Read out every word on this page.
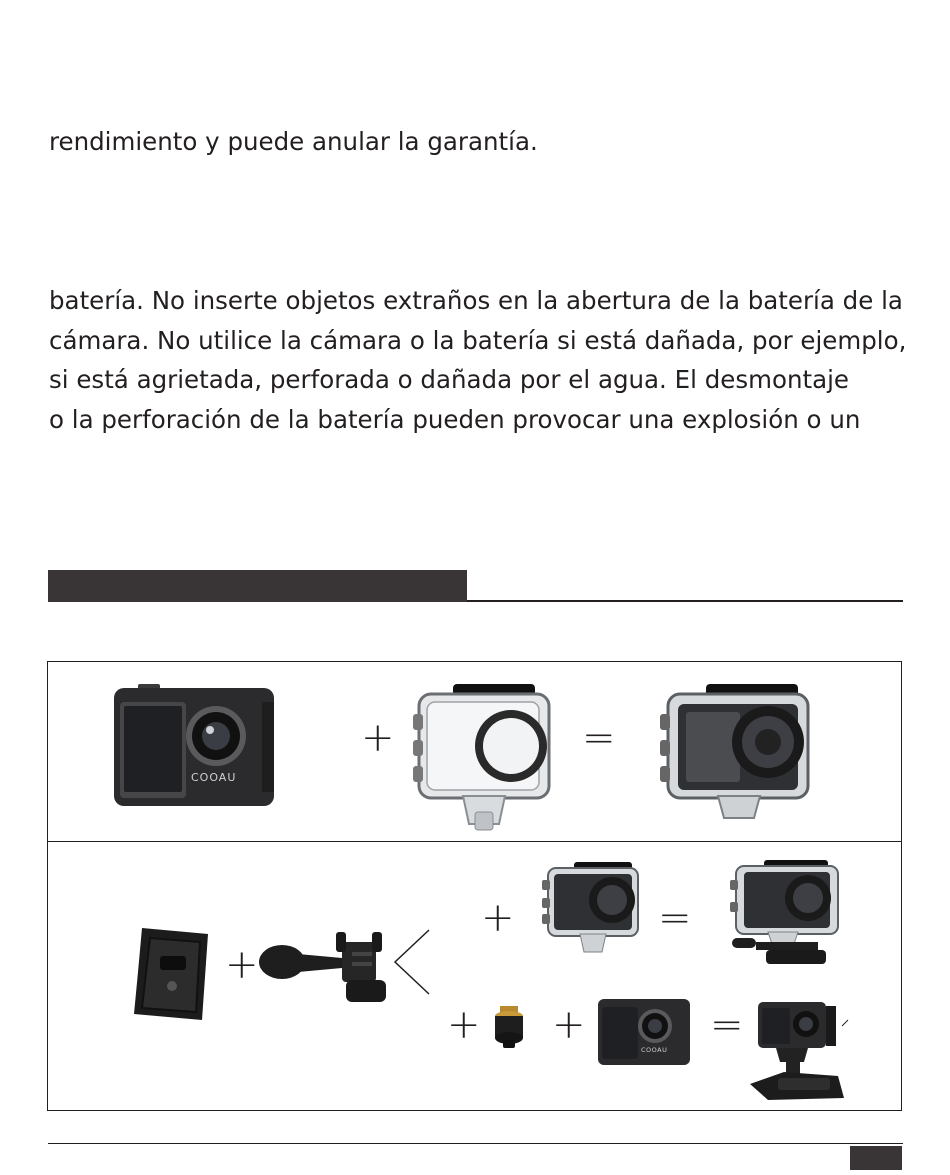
rendimiento y puede anular la garantía.

batería. No inserte objetos extraños en la abertura de la batería de la
cámara. No utilice la cámara o la batería si está dañada, por ejemplo,
si está agrietada, perforada o dañada por el agua. El desmontaje
o la perforación de la batería pueden provocar una explosión o un

COOAU
+	=
+
+	=
+ +
COOAU
=
